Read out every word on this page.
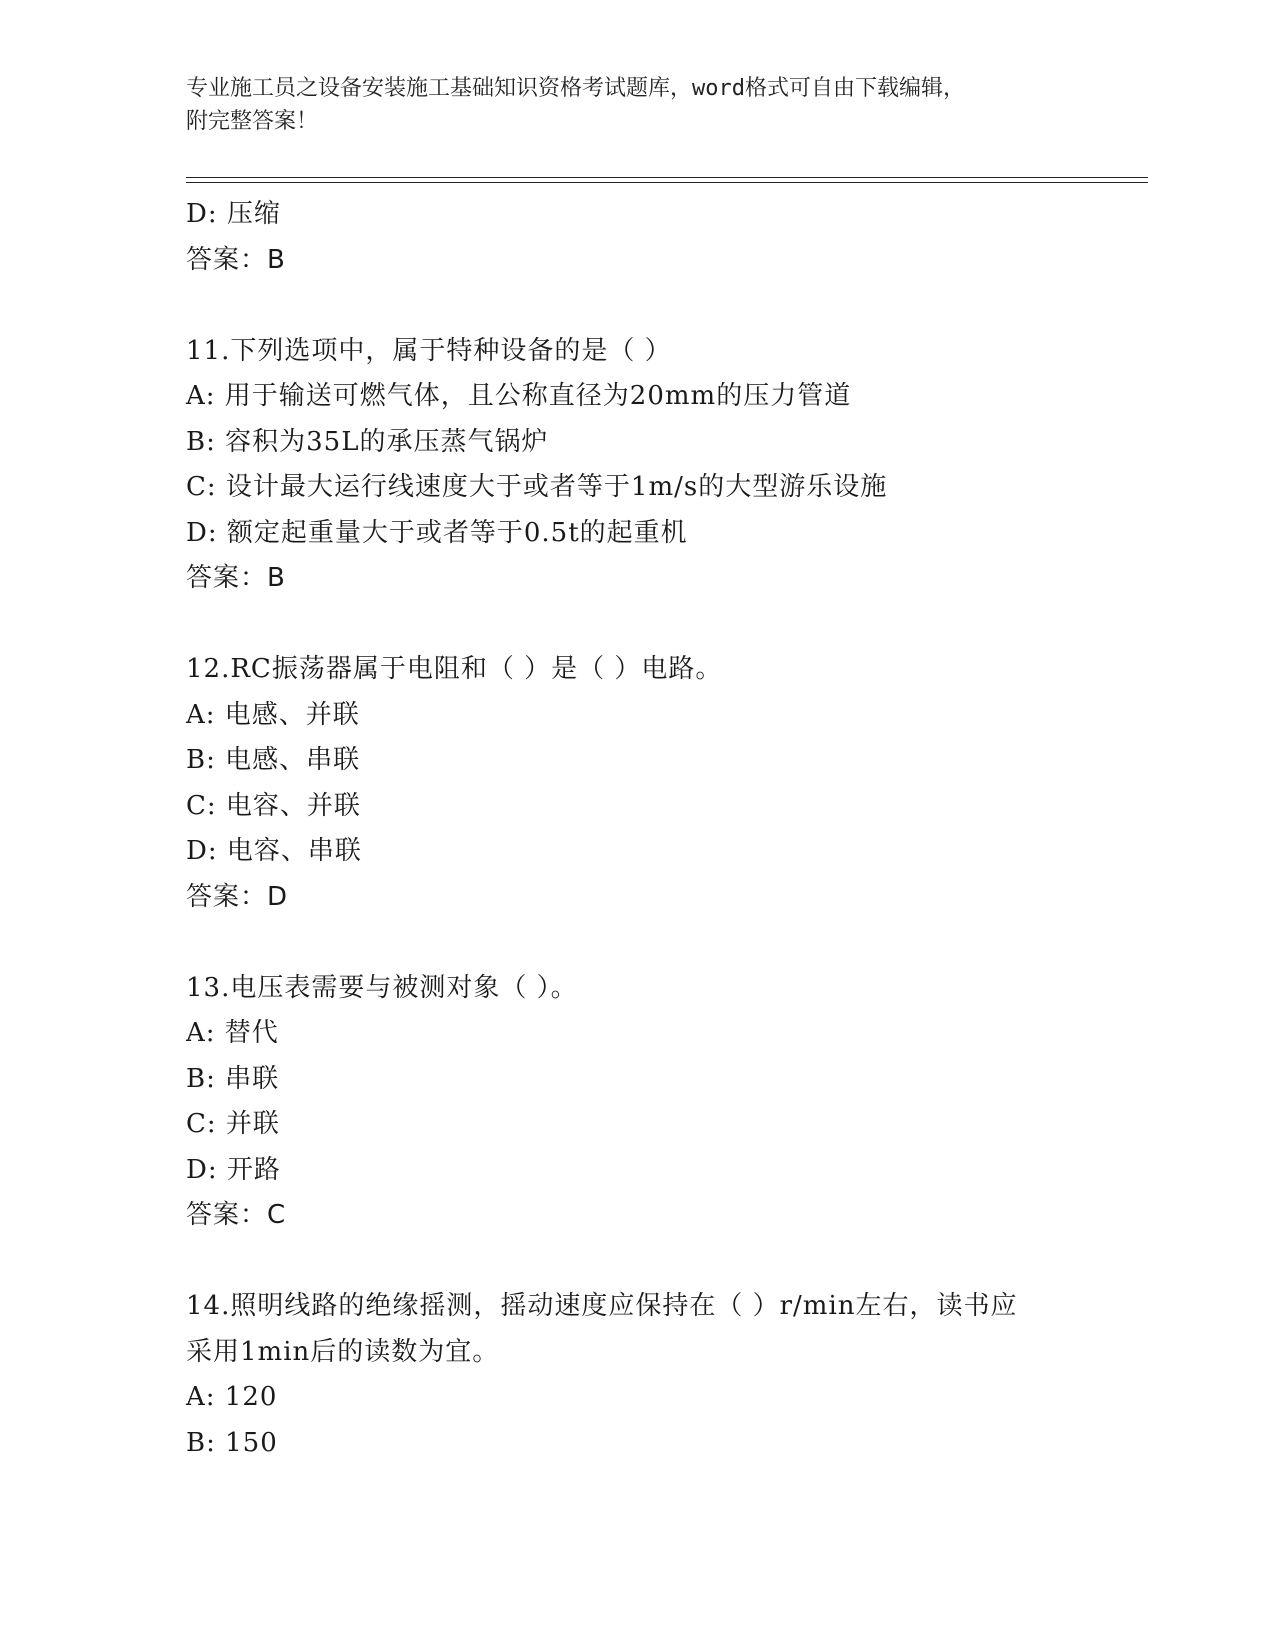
专业施工员之设备安装施工基础知识资格考试题库，word格式可自由下载编辑，
附完整答案！
D: 压缩
答案：B
11.下列选项中，属于特种设备的是（ ）
A: 用于输送可燃气体，且公称直径为20mm的压力管道
B: 容积为35L的承压蒸气锅炉
C: 设计最大运行线速度大于或者等于1m/s的大型游乐设施
D: 额定起重量大于或者等于0.5t的起重机
答案：B
12.RC振荡器属于电阻和（ ）是（ ）电路。
A: 电感、并联
B: 电感、串联
C: 电容、并联
D: 电容、串联
答案：D
13.电压表需要与被测对象（ ）。
A: 替代
B: 串联
C: 并联
D: 开路
答案：C
14.照明线路的绝缘摇测，摇动速度应保持在（ ）r/min左右，读书应
采用1min后的读数为宜。
A: 120
B: 150
